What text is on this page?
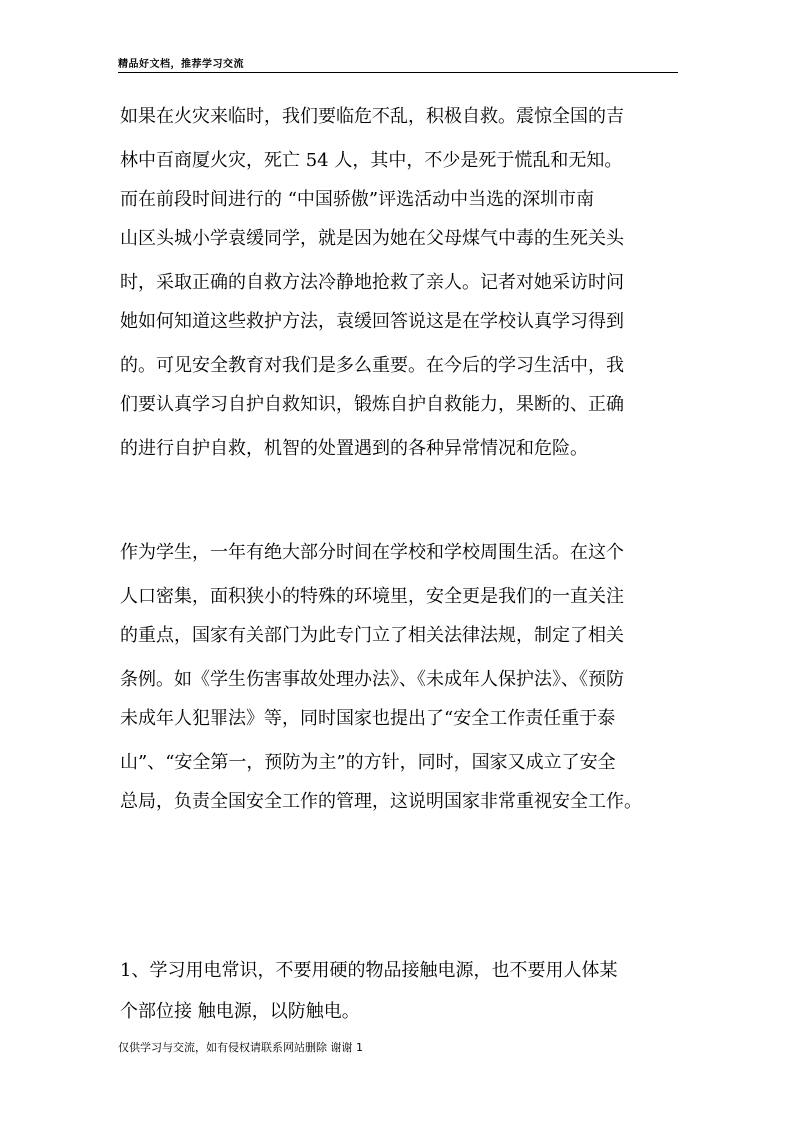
精品好文档，推荐学习交流
如果在火灾来临时，我们要临危不乱，积极自救。震惊全国的吉
林中百商厦火灾，死亡 54 人，其中，不少是死于慌乱和无知。
而在前段时间进行的 “中国骄傲”评选活动中当选的深圳市南
山区头城小学袁缓同学，就是因为她在父母煤气中毒的生死关头
时，采取正确的自救方法冷静地抢救了亲人。记者对她采访时问
她如何知道这些救护方法，袁缓回答说这是在学校认真学习得到
的。可见安全教育对我们是多么重要。在今后的学习生活中，我
们要认真学习自护自救知识，锻炼自护自救能力，果断的、正确
的进行自护自救，机智的处置遇到的各种异常情况和危险。
作为学生，一年有绝大部分时间在学校和学校周围生活。在这个
人口密集，面积狭小的特殊的环境里，安全更是我们的一直关注
的重点，国家有关部门为此专门立了相关法律法规，制定了相关
条例。如《学生伤害事故处理办法》、《未成年人保护法》、《预防
未成年人犯罪法》等，同时国家也提出了“安全工作责任重于泰
山”、“安全第一，预防为主”的方针，同时，国家又成立了安全
总局，负责全国安全工作的管理，这说明国家非常重视安全工作。
1、学习用电常识，不要用硬的物品接触电源，也不要用人体某
个部位接 触电源，以防触电。
仅供学习与交流，如有侵权请联系网站删除 谢谢 1
